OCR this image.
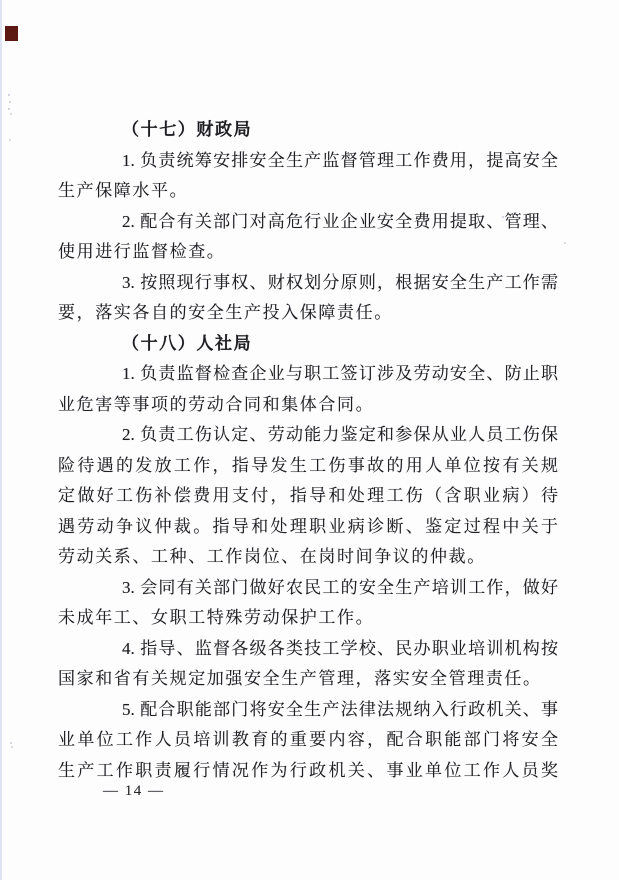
（十七）财政局
1. 负责统筹安排安全生产监督管理工作费用，提高安全
生产保障水平。
2. 配合有关部门对高危行业企业安全费用提取、管理、
使用进行监督检查。
3. 按照现行事权、财权划分原则，根据安全生产工作需
要，落实各自的安全生产投入保障责任。
（十八）人社局
1. 负责监督检查企业与职工签订涉及劳动安全、防止职
业危害等事项的劳动合同和集体合同。
2. 负责工伤认定、劳动能力鉴定和参保从业人员工伤保
险待遇的发放工作，指导发生工伤事故的用人单位按有关规
定做好工伤补偿费用支付，指导和处理工伤（含职业病）待
遇劳动争议仲裁。指导和处理职业病诊断、鉴定过程中关于
劳动关系、工种、工作岗位、在岗时间争议的仲裁。
3. 会同有关部门做好农民工的安全生产培训工作，做好
未成年工、女职工特殊劳动保护工作。
4. 指导、监督各级各类技工学校、民办职业培训机构按
国家和省有关规定加强安全生产管理，落实安全管理责任。
5. 配合职能部门将安全生产法律法规纳入行政机关、事
业单位工作人员培训教育的重要内容，配合职能部门将安全
生产工作职责履行情况作为行政机关、事业单位工作人员奖
— 14 —
